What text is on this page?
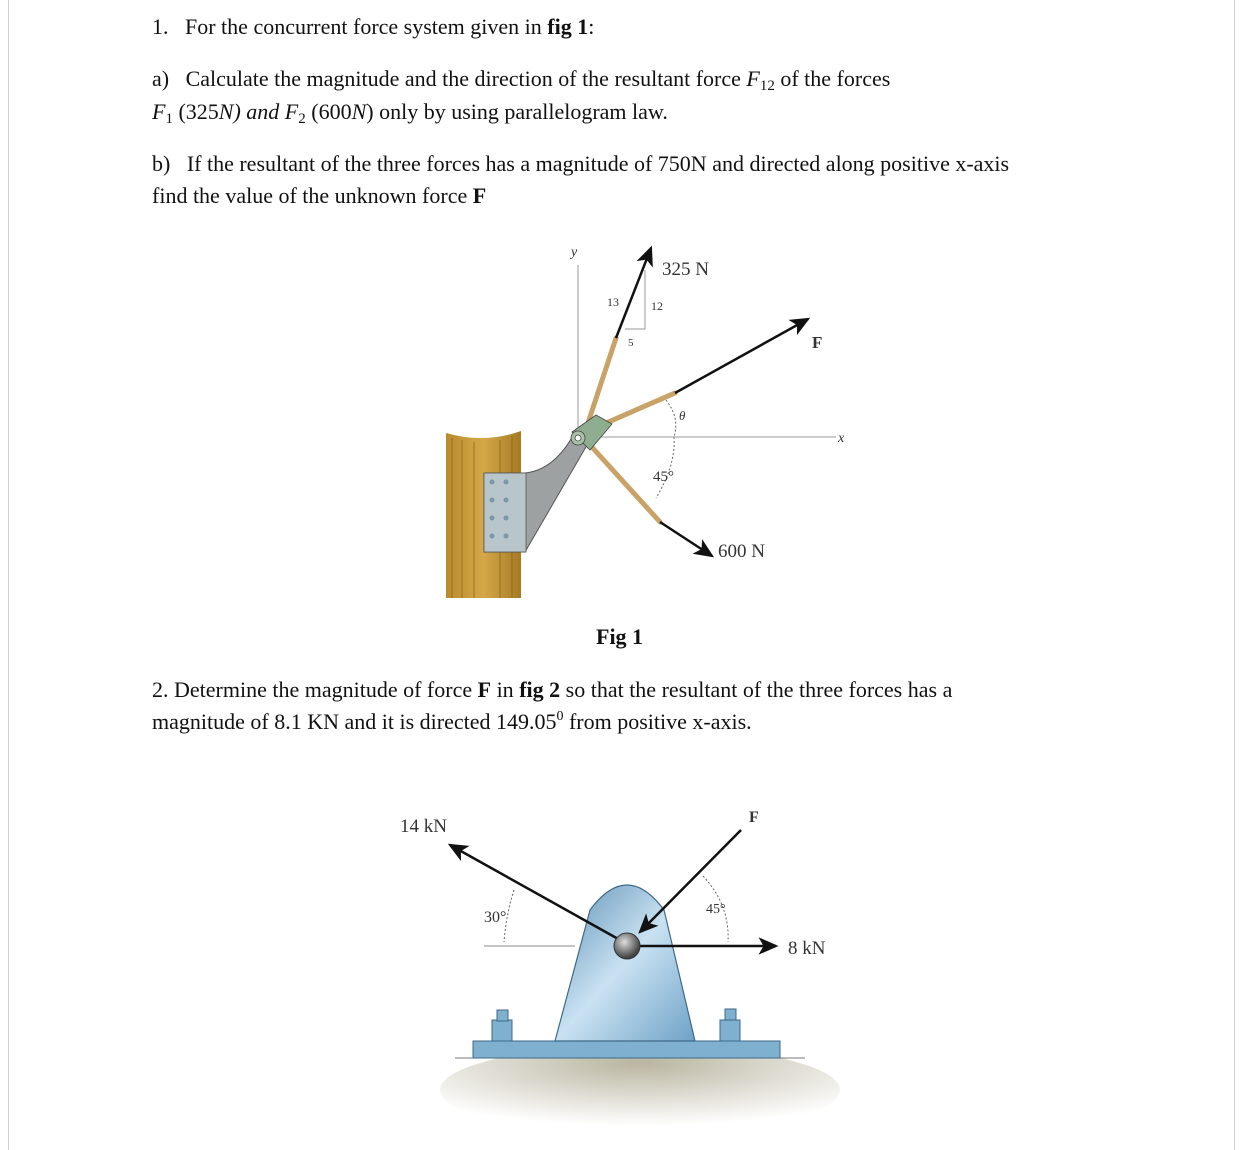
1. For the concurrent force system given in fig 1:
a) Calculate the magnitude and the direction of the resultant force $F_{12}$ of the forces
$F_1$ (325N) and $F_2$ (600N) only by using parallelogram law.
b) If the resultant of the three forces has a magnitude of 750N and directed along positive x-axis
find the value of the unknown force F
y
x
13	12
5
325 N
F
θ
45°
600 N
14 kN	F
30°	45°
8 kN
Fig 1
2. Determine the magnitude of force F in fig 2 so that the resultant of the three forces has a
magnitude of 8.1 KN and it is directed 149.05$^0$ from positive x-axis.
